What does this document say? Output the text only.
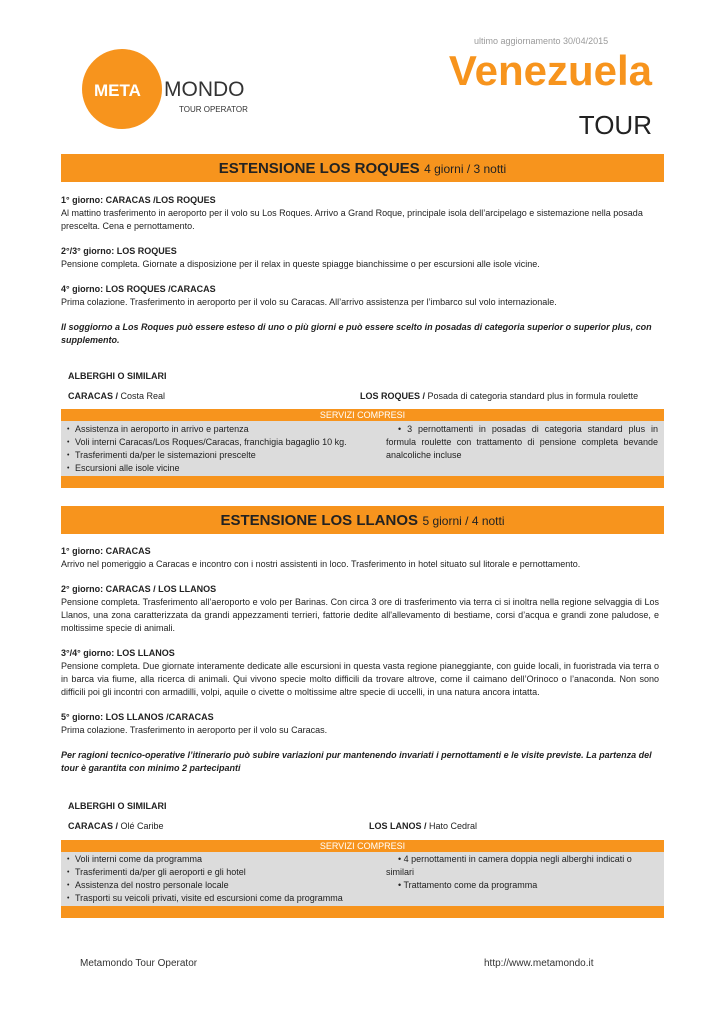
ultimo aggiornamento 30/04/2015
META MONDO
TOUR OPERATOR
Venezuela
TOUR
ESTENSIONE LOS ROQUES 4 giorni / 3 notti

1° giorno: CARACAS /LOS ROQUES

Al mattino trasferimento in aeroporto per il volo su Los Roques. Arrivo a Grand Roque, principale isola dell’arcipelago e sistemazione nella posada prescelta. Cena e pernottamento.

2°/3° giorno: LOS ROQUES

Pensione completa. Giornate a disposizione per il relax in queste spiagge bianchissime o per escursioni alle isole vicine.

4° giorno: LOS ROQUES /CARACAS

Prima colazione. Trasferimento in aeroporto per il volo su Caracas. All’arrivo assistenza per l’imbarco sul volo internazionale.

Il soggiorno a Los Roques può essere esteso di uno o più giorni e può essere scelto in posadas di categoria superior o superior plus, con supplemento.

ALBERGHI O SIMILARI
CARACAS / Costa Real	LOS ROQUES / Posada di categoria standard plus in formula roulette
SERVIZI COMPRESI
• Assistenza in aeroporto in arrivo e partenza
• Voli interni Caracas/Los Roques/Caracas, franchigia bagaglio 10 kg.
• Trasferimenti da/per le sistemazioni prescelte
• Escursioni alle isole vicine
• 3 pernottamenti in posadas di categoria standard plus in formula roulette con trattamento di pensione completa bevande analcoliche incluse
ESTENSIONE LOS LLANOS 5 giorni / 4 notti

1° giorno: CARACAS

Arrivo nel pomeriggio a Caracas e incontro con i nostri assistenti in loco. Trasferimento in hotel situato sul litorale e pernottamento.

2° giorno: CARACAS / LOS LLANOS

Pensione completa. Trasferimento all’aeroporto e volo per Barinas. Con circa 3 ore di trasferimento via terra ci si inoltra nella regione selvaggia di Los Llanos, una zona caratterizzata da grandi appezzamenti terrieri, fattorie dedite all'allevamento di bestiame, corsi d’acqua e grandi zone paludose, e moltissime specie di animali.

3°/4° giorno: LOS LLANOS

Pensione completa. Due giornate interamente dedicate alle escursioni in questa vasta regione pianeggiante, con guide locali, in fuoristrada via terra o in barca via fiume, alla ricerca di animali. Qui vivono specie molto difficili da trovare altrove, come il caimano dell’Orinoco o l’anaconda. Non sono difficili poi gli incontri con armadilli, volpi, aquile o civette o moltissime altre specie di uccelli, in una natura ancora intatta.

5° giorno: LOS LLANOS /CARACAS

Prima colazione. Trasferimento in aeroporto per il volo su Caracas.

Per ragioni tecnico-operative l’itinerario può subire variazioni pur mantenendo invariati i pernottamenti e le visite previste. La partenza del tour è garantita con minimo 2 partecipanti

ALBERGHI O SIMILARI
CARACAS / Olé Caribe	LOS LANOS / Hato Cedral
SERVIZI COMPRESI
• Voli interni come da programma
• Trasferimenti da/per gli aeroporti e gli hotel
• Assistenza del nostro personale locale
• Trasporti su veicoli privati, visite ed escursioni come da programma
• 4 pernottamenti in camera doppia negli alberghi indicati o similari
• Trattamento come da programma
Metamondo Tour Operator	http://www.metamondo.it
